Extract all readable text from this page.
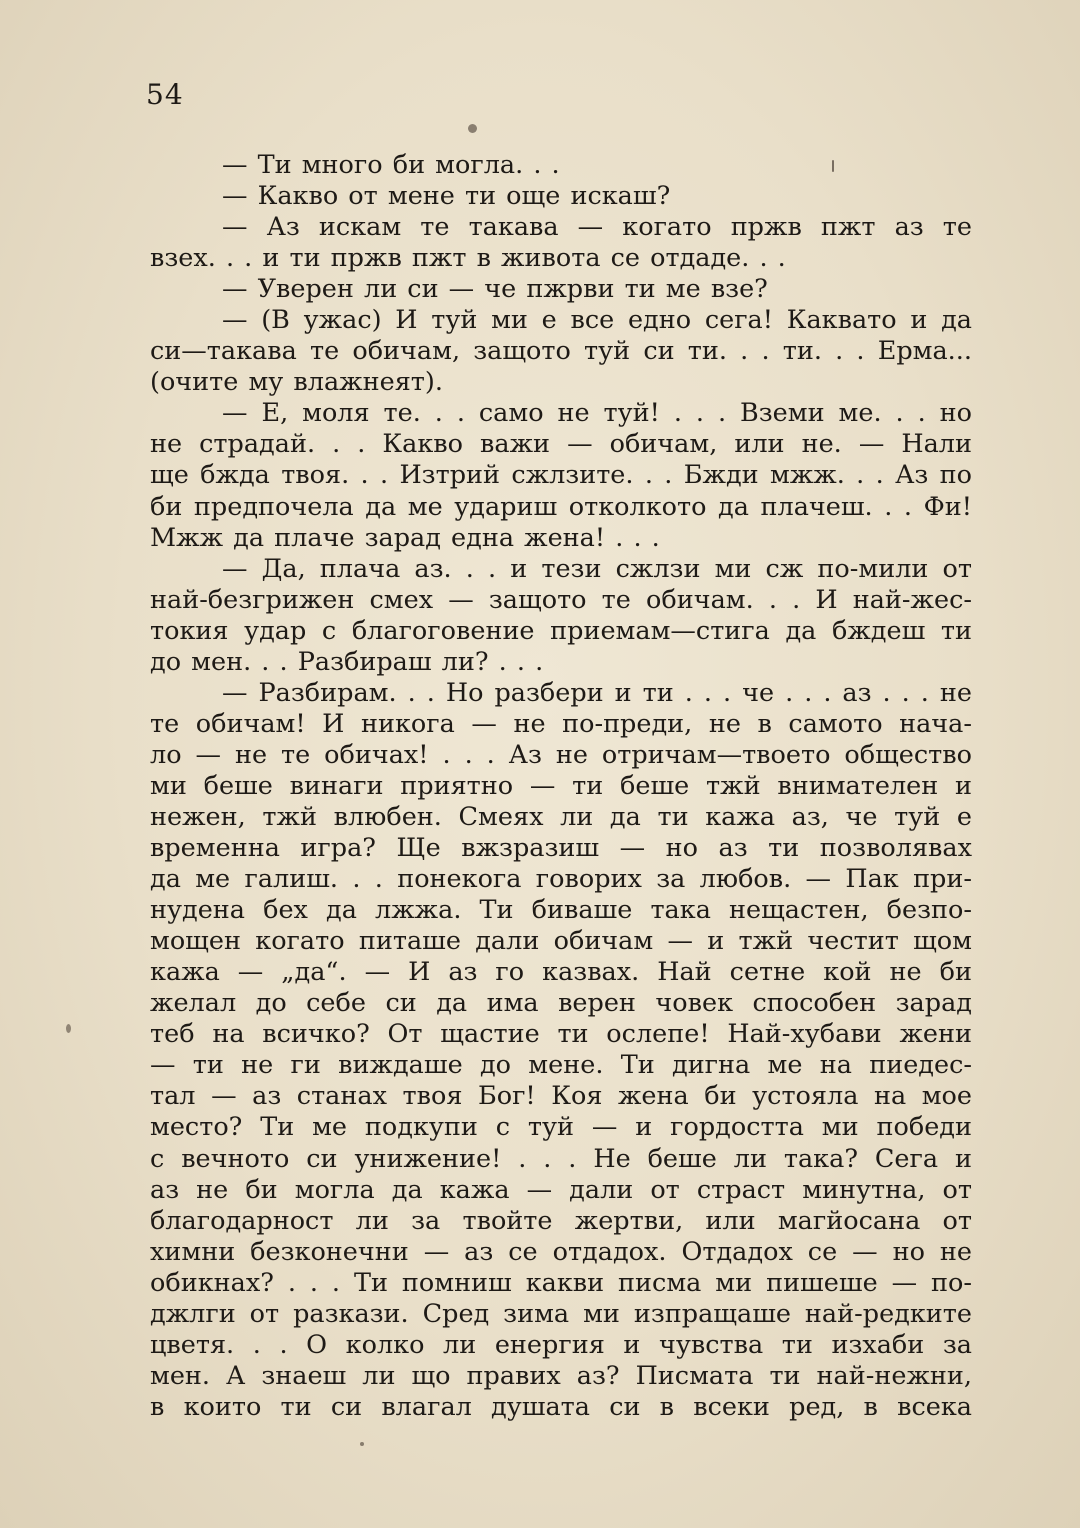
54
— Ти много би могла. . .
— Какво от мене ти още искаш?
— Аз искам те такава — когато пржв пжт аз те
взех. . . и ти пржв пжт в живота се отдаде. . .
— Уверен ли си — че пжрви ти ме взе?
— (В ужас) И туй ми е все едно сега! Каквато и да
си—такава те обичам, защото туй си ти. . . ти. . . Ерма...
(очите му влажнеят).
— Е, моля те. . . само не туй! . . . Вземи ме. . . но
не страдай. . . Какво важи — обичам, или не. — Нали
ще бжда твоя. . . Изтрий сжлзите. . . Бжди мжж. . . Аз по
би предпочела да ме удариш отколкото да плачеш. . . Фи!
Мжж да плаче зарад една жена! . . .
— Да, плача аз. . . и тези сжлзи ми сж по-мили от
най-безгрижен смех — защото те обичам. . . И най-жес-
токия удар с благоговение приемам—стига да бждеш ти
до мен. . . Разбираш ли? . . .
— Разбирам. . . Но разбери и ти . . . че . . . аз . . . не
те обичам! И никога — не по-преди, не в самото нача-
ло — не те обичах! . . . Аз не отричам—твоето общество
ми беше винаги приятно — ти беше тжй внимателен и
нежен, тжй влюбен. Смеях ли да ти кажа аз, че туй е
временна игра? Ще вжзразиш — но аз ти позволявах
да ме галиш. . . понекога говорих за любов. — Пак при-
нудена бех да лжжа. Ти биваше така нещастен, безпо-
мощен когато питаше дали обичам — и тжй честит щом
кажа — „да“. — И аз го казвах. Най сетне кой не би
желал до себе си да има верен човек способен зарад
теб на всичко? От щастие ти ослепе! Най-хубави жени
— ти не ги виждаше до мене. Ти дигна ме на пиедес-
тал — аз станах твоя Бог! Коя жена би устояла на мое
место? Ти ме подкупи с туй — и гордостта ми победи
с вечното си унижение! . . . Не беше ли така? Сега и
аз не би могла да кажа — дали от страст минутна, от
благодарност ли за твойте жертви, или магйосана от
химни безконечни — аз се отдадох. Отдадох се — но не
обикнах? . . . Ти помниш какви писма ми пишеше — по-
джлги от разкази. Сред зима ми изпращаше най-редките
цветя. . . О колко ли енергия и чувства ти изхаби за
мен. А знаеш ли що правих аз? Писмата ти най-нежни,
в които ти си влагал душата си в всеки ред, в всека
